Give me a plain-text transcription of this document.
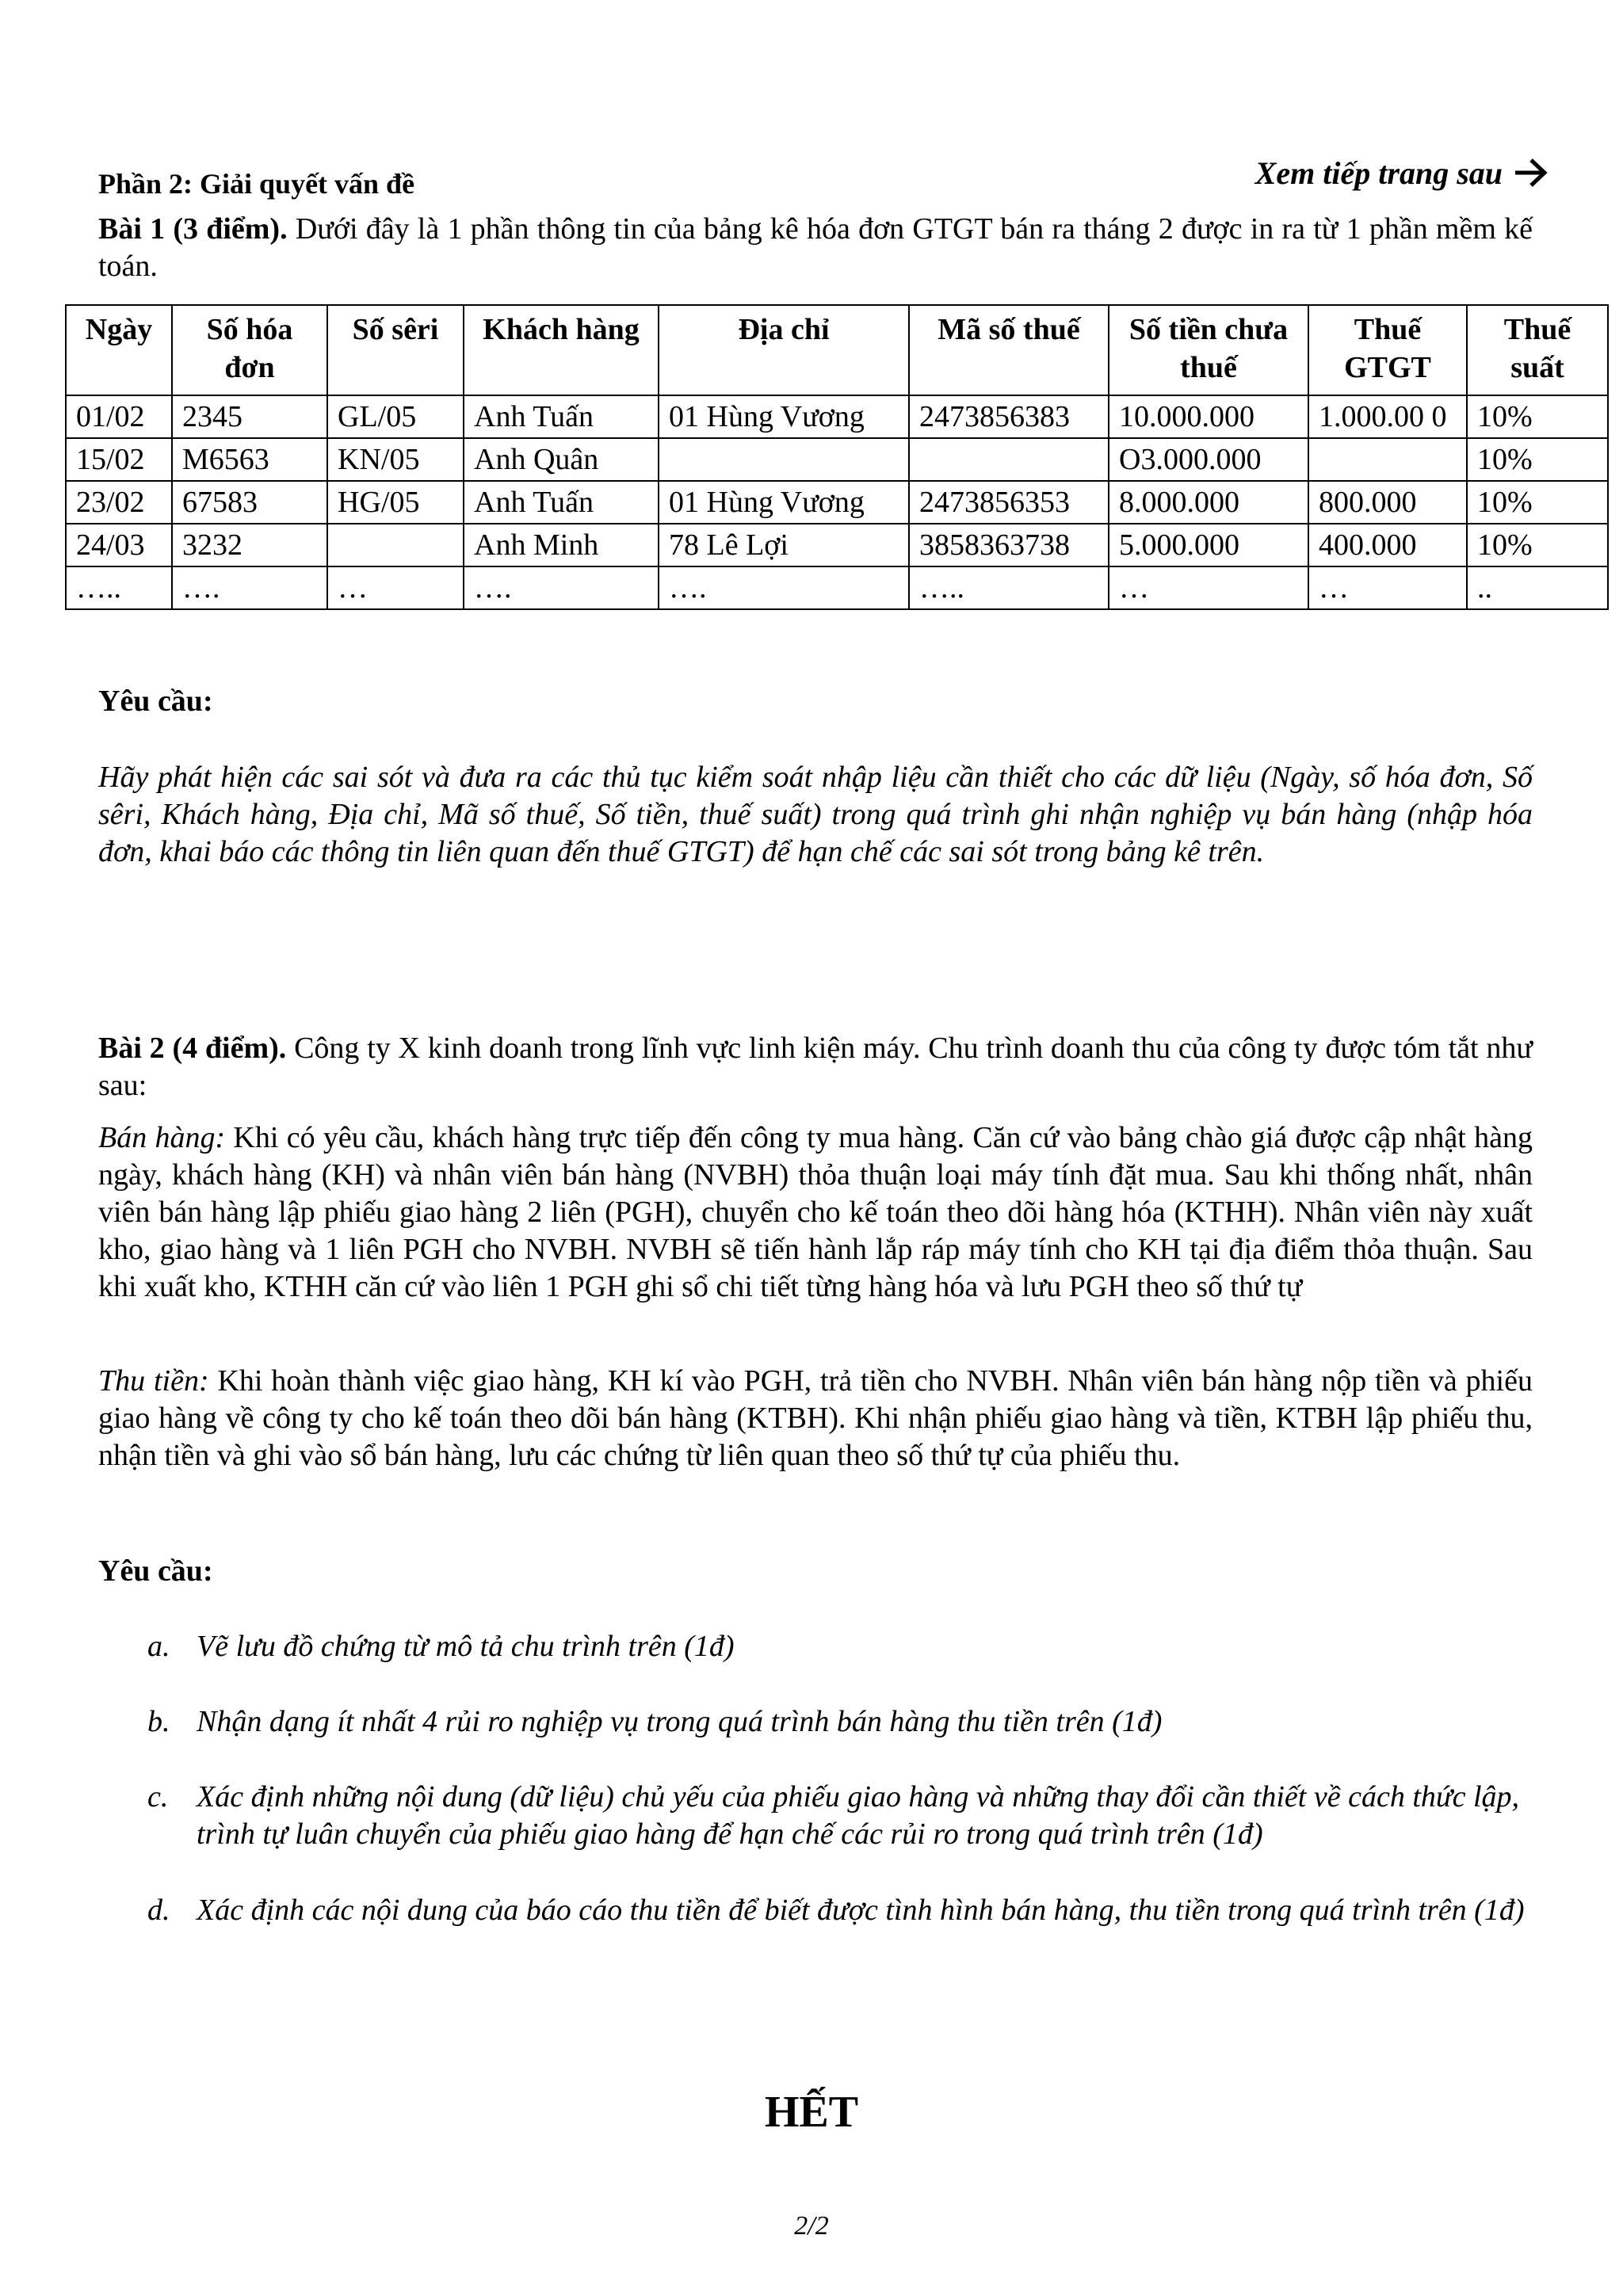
Phần 2: Giải quyết vấn đề	Xem tiếp trang sau
Bài 1 (3 điểm). Dưới đây là 1 phần thông tin của bảng kê hóa đơn GTGT bán ra tháng 2 được in ra từ 1 phần mềm kế toán.
Ngày	Số hóa đơn	Số sêri	Khách hàng	Địa chỉ	Mã số thuế	Số tiền chưa thuế	Thuế GTGT	Thuế suất
01/02	2345	GL/05	Anh Tuấn	01 Hùng Vương	2473856383	10.000.000	1.000.00 0	10%
15/02	M6563	KN/05	Anh Quân			O3.000.000		10%
23/02	67583	HG/05	Anh Tuấn	01 Hùng Vương	2473856353	8.000.000	800.000	10%
24/03	3232		Anh Minh	78 Lê Lợi	3858363738	5.000.000	400.000	10%
…..	….	…	….	….	…..	…	…	..
Yêu cầu:
Hãy phát hiện các sai sót và đưa ra các thủ tục kiểm soát nhập liệu cần thiết cho các dữ liệu (Ngày, số hóa đơn, Số sêri, Khách hàng, Địa chỉ, Mã số thuế, Số tiền, thuế suất) trong quá trình ghi nhận nghiệp vụ bán hàng (nhập hóa đơn, khai báo các thông tin liên quan đến thuế GTGT) để hạn chế các sai sót trong bảng kê trên.
Bài 2 (4 điểm). Công ty X kinh doanh trong lĩnh vực linh kiện máy. Chu trình doanh thu của công ty được tóm tắt như sau:
Bán hàng: Khi có yêu cầu, khách hàng trực tiếp đến công ty mua hàng. Căn cứ vào bảng chào giá được cập nhật hàng ngày, khách hàng (KH) và nhân viên bán hàng (NVBH) thỏa thuận loại máy tính đặt mua. Sau khi thống nhất, nhân viên bán hàng lập phiếu giao hàng 2 liên (PGH), chuyển cho kế toán theo dõi hàng hóa (KTHH). Nhân viên này xuất kho, giao hàng và 1 liên PGH cho NVBH. NVBH sẽ tiến hành lắp ráp máy tính cho KH tại địa điểm thỏa thuận. Sau khi xuất kho, KTHH căn cứ vào liên 1 PGH ghi sổ chi tiết từng hàng hóa và lưu PGH theo số thứ tự
Thu tiền: Khi hoàn thành việc giao hàng, KH kí vào PGH, trả tiền cho NVBH. Nhân viên bán hàng nộp tiền và phiếu giao hàng về công ty cho kế toán theo dõi bán hàng (KTBH). Khi nhận phiếu giao hàng và tiền, KTBH lập phiếu thu, nhận tiền và ghi vào sổ bán hàng, lưu các chứng từ liên quan theo số thứ tự của phiếu thu.
Yêu cầu:
a. Vẽ lưu đồ chứng từ mô tả chu trình trên (1đ)
b. Nhận dạng ít nhất 4 rủi ro nghiệp vụ trong quá trình bán hàng thu tiền trên (1đ)
c. Xác định những nội dung (dữ liệu) chủ yếu của phiếu giao hàng và những thay đổi cần thiết về cách thức lập, trình tự luân chuyển của phiếu giao hàng để hạn chế các rủi ro trong quá trình trên (1đ)
d. Xác định các nội dung của báo cáo thu tiền để biết được tình hình bán hàng, thu tiền trong quá trình trên (1đ)
HẾT
2/2
